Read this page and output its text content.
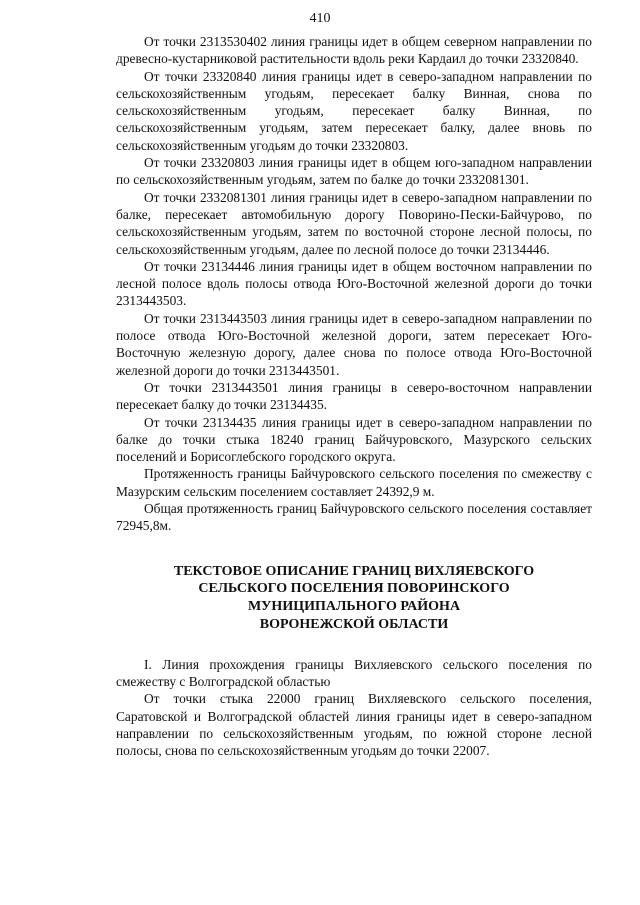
410

От точки 2313530402 линия границы идет в общем северном направлении по древесно-кустарниковой растительности вдоль реки Кардаил до точки 23320840.

От точки 23320840 линия границы идет в северо-западном направлении по сельскохозяйственным угодьям, пересекает балку Винная, снова по сельскохозяйственным угодьям, пересекает балку Винная, по сельскохозяйственным угодьям, затем пересекает балку, далее вновь по сельскохозяйственным угодьям до точки 23320803.

От точки 23320803 линия границы идет в общем юго-западном направлении по сельскохозяйственным угодьям, затем по балке до точки 2332081301.

От точки 2332081301 линия границы идет в северо-западном направлении по балке, пересекает автомобильную дорогу Поворино-Пески-Байчурово, по сельскохозяйственным угодьям, затем по восточной стороне лесной полосы, по сельскохозяйственным угодьям, далее по лесной полосе до точки 23134446.

От точки 23134446 линия границы идет в общем восточном направлении по лесной полосе вдоль полосы отвода Юго-Восточной железной дороги до точки 2313443503.

От точки 2313443503 линия границы идет в северо-западном направлении по полосе отвода Юго-Восточной железной дороги, затем пересекает Юго-Восточную железную дорогу, далее снова по полосе отвода Юго-Восточной железной дороги до точки 2313443501.

От точки 2313443501 линия границы в северо-восточном направлении пересекает балку до точки 23134435.

От точки 23134435 линия границы идет в северо-западном направлении по балке до точки стыка 18240 границ Байчуровского, Мазурского сельских поселений и Борисоглебского городского округа.

Протяженность границы Байчуровского сельского поселения по смежеству с Мазурским сельским поселением составляет 24392,9 м.

Общая протяженность границ Байчуровского сельского поселения составляет 72945,8м.

ТЕКСТОВОЕ ОПИСАНИЕ ГРАНИЦ ВИХЛЯЕВСКОГО
СЕЛЬСКОГО ПОСЕЛЕНИЯ ПОВОРИНСКОГО
МУНИЦИПАЛЬНОГО РАЙОНА
ВОРОНЕЖСКОЙ ОБЛАСТИ

I. Линия прохождения границы Вихляевского сельского поселения по смежеству с Волгоградской областью

От точки стыка 22000 границ Вихляевского сельского поселения, Саратовской и Волгоградской областей линия границы идет в северо-западном направлении по сельскохозяйственным угодьям, по южной стороне лесной полосы, снова по сельскохозяйственным угодьям до точки 22007.
